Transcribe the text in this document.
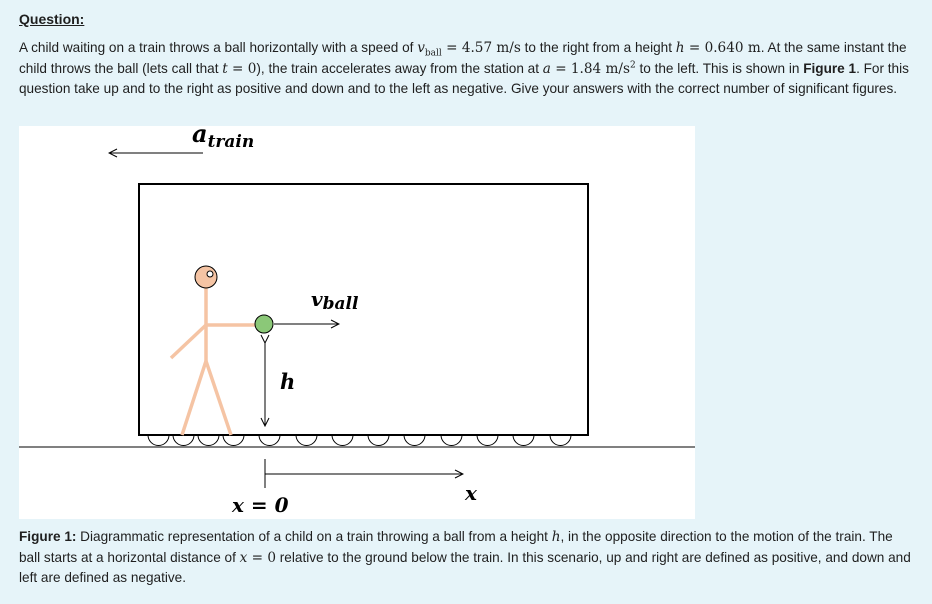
Question:
A child waiting on a train throws a ball horizontally with a speed of $v_{ball} = 4.57$ m/s to the right from a height h = 0.640 m. At the same instant the child throws the ball (lets call that t = 0), the train accelerates away from the station at a = 1.84 $m/s^2$ to the left. This is shown in Figure 1. For this question take up and to the right as positive and down and to the left as negative. Give your answers with the correct number of significant figures.
$a_{train}$
vball
h
x = 0	x
Figure 1: Diagrammatic representation of a child on a train throwing a ball from a height h, in the opposite direction to the motion of the train. The ball starts at a horizontal distance of x = 0 relative to the ground below the train. In this scenario, up and right are defined as positive, and down and left are defined as negative.
